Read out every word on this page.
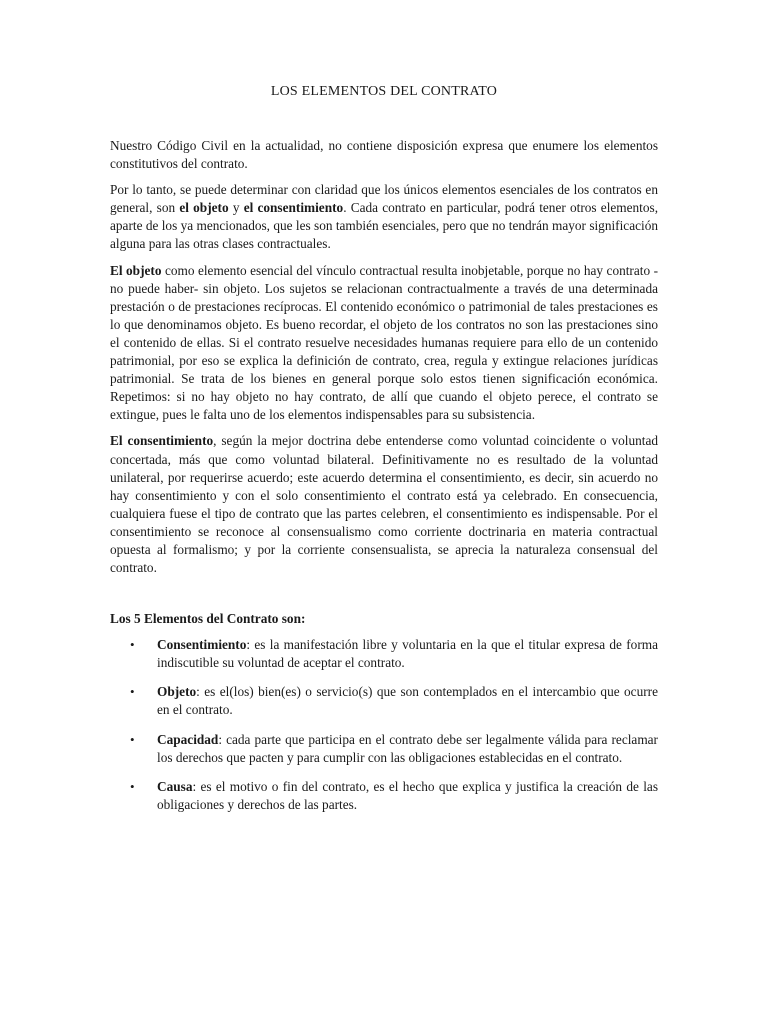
LOS ELEMENTOS DEL CONTRATO

Nuestro Código Civil en la actualidad, no contiene disposición expresa que enumere los elementos constitutivos del contrato.

Por lo tanto, se puede determinar con claridad que los únicos elementos esenciales de los contratos en general, son el objeto y el consentimiento. Cada contrato en particular, podrá tener otros elementos, aparte de los ya mencionados, que les son también esenciales, pero que no tendrán mayor significación alguna para las otras clases contractuales.

El objeto como elemento esencial del vínculo contractual resulta inobjetable, porque no hay contrato -no puede haber- sin objeto. Los sujetos se relacionan contractualmente a través de una determinada prestación o de prestaciones recíprocas. El contenido económico o patrimonial de tales prestaciones es lo que denominamos objeto. Es bueno recordar, el objeto de los contratos no son las prestaciones sino el contenido de ellas. Si el contrato resuelve necesidades humanas requiere para ello de un contenido patrimonial, por eso se explica la definición de contrato, crea, regula y extingue relaciones jurídicas patrimonial. Se trata de los bienes en general porque solo estos tienen significación económica. Repetimos: si no hay objeto no hay contrato, de allí que cuando el objeto perece, el contrato se extingue, pues le falta uno de los elementos indispensables para su subsistencia.

El consentimiento, según la mejor doctrina debe entenderse como voluntad coincidente o voluntad concertada, más que como voluntad bilateral. Definitivamente no es resultado de la voluntad unilateral, por requerirse acuerdo; este acuerdo determina el consentimiento, es decir, sin acuerdo no hay consentimiento y con el solo consentimiento el contrato está ya celebrado. En consecuencia, cualquiera fuese el tipo de contrato que las partes celebren, el consentimiento es indispensable. Por el consentimiento se reconoce al consensualismo como corriente doctrinaria en materia contractual opuesta al formalismo; y por la corriente consensualista, se aprecia la naturaleza consensual del contrato.

Los 5 Elementos del Contrato son:
• Consentimiento: es la manifestación libre y voluntaria en la que el titular expresa de forma indiscutible su voluntad de aceptar el contrato.
• Objeto: es el(los) bien(es) o servicio(s) que son contemplados en el intercambio que ocurre en el contrato.
• Capacidad: cada parte que participa en el contrato debe ser legalmente válida para reclamar los derechos que pacten y para cumplir con las obligaciones establecidas en el contrato.
• Causa: es el motivo o fin del contrato, es el hecho que explica y justifica la creación de las obligaciones y derechos de las partes.
